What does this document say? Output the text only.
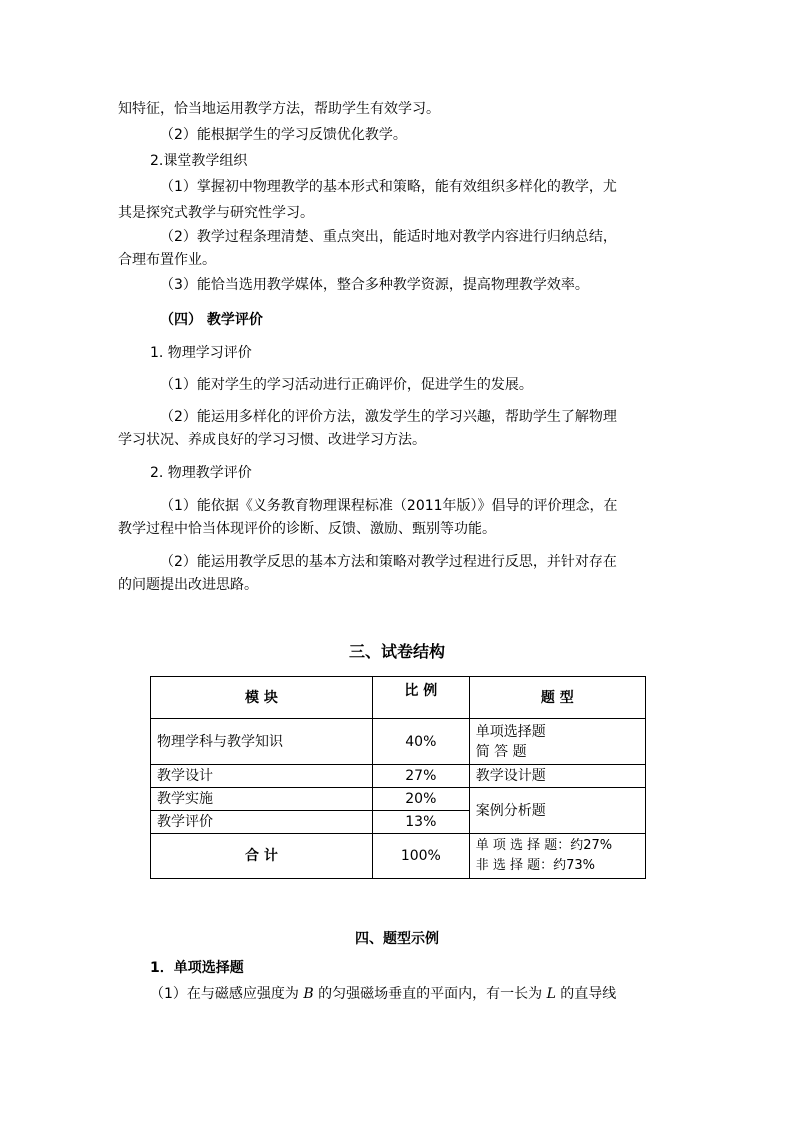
知特征，恰当地运用教学方法，帮助学生有效学习。
（2）能根据学生的学习反馈优化教学。
2.课堂教学组织
（1）掌握初中物理教学的基本形式和策略，能有效组织多样化的教学，尤
其是探究式教学与研究性学习。
（2）教学过程条理清楚、重点突出，能适时地对教学内容进行归纳总结，
合理布置作业。
（3）能恰当选用教学媒体，整合多种教学资源，提高物理教学效率。
（四） 教学评价
1. 物理学习评价
（1）能对学生的学习活动进行正确评价，促进学生的发展。
（2）能运用多样化的评价方法，激发学生的学习兴趣，帮助学生了解物理
学习状况、养成良好的学习习惯、改进学习方法。
2. 物理教学评价
（1）能依据《义务教育物理课程标准（2011年版）》倡导的评价理念，在
教学过程中恰当体现评价的诊断、反馈、激励、甄别等功能。
（2）能运用教学反思的基本方法和策略对教学过程进行反思，并针对存在
的问题提出改进思路。
三、试卷结构
模 块	比 例	题 型
物理学科与教学知识	40%	单项选择题
简 答 题

教学设计	27%	教学设计题
教学实施	20%	案例分析题
教学评价	13%	
合 计	100%	单 项 选 择 题：约27%
非 选 择 题：约73%
四、题型示例
1．单项选择题
（1）在与磁感应强度为 B 的匀强磁场垂直的平面内，有一长为 L 的直导线
